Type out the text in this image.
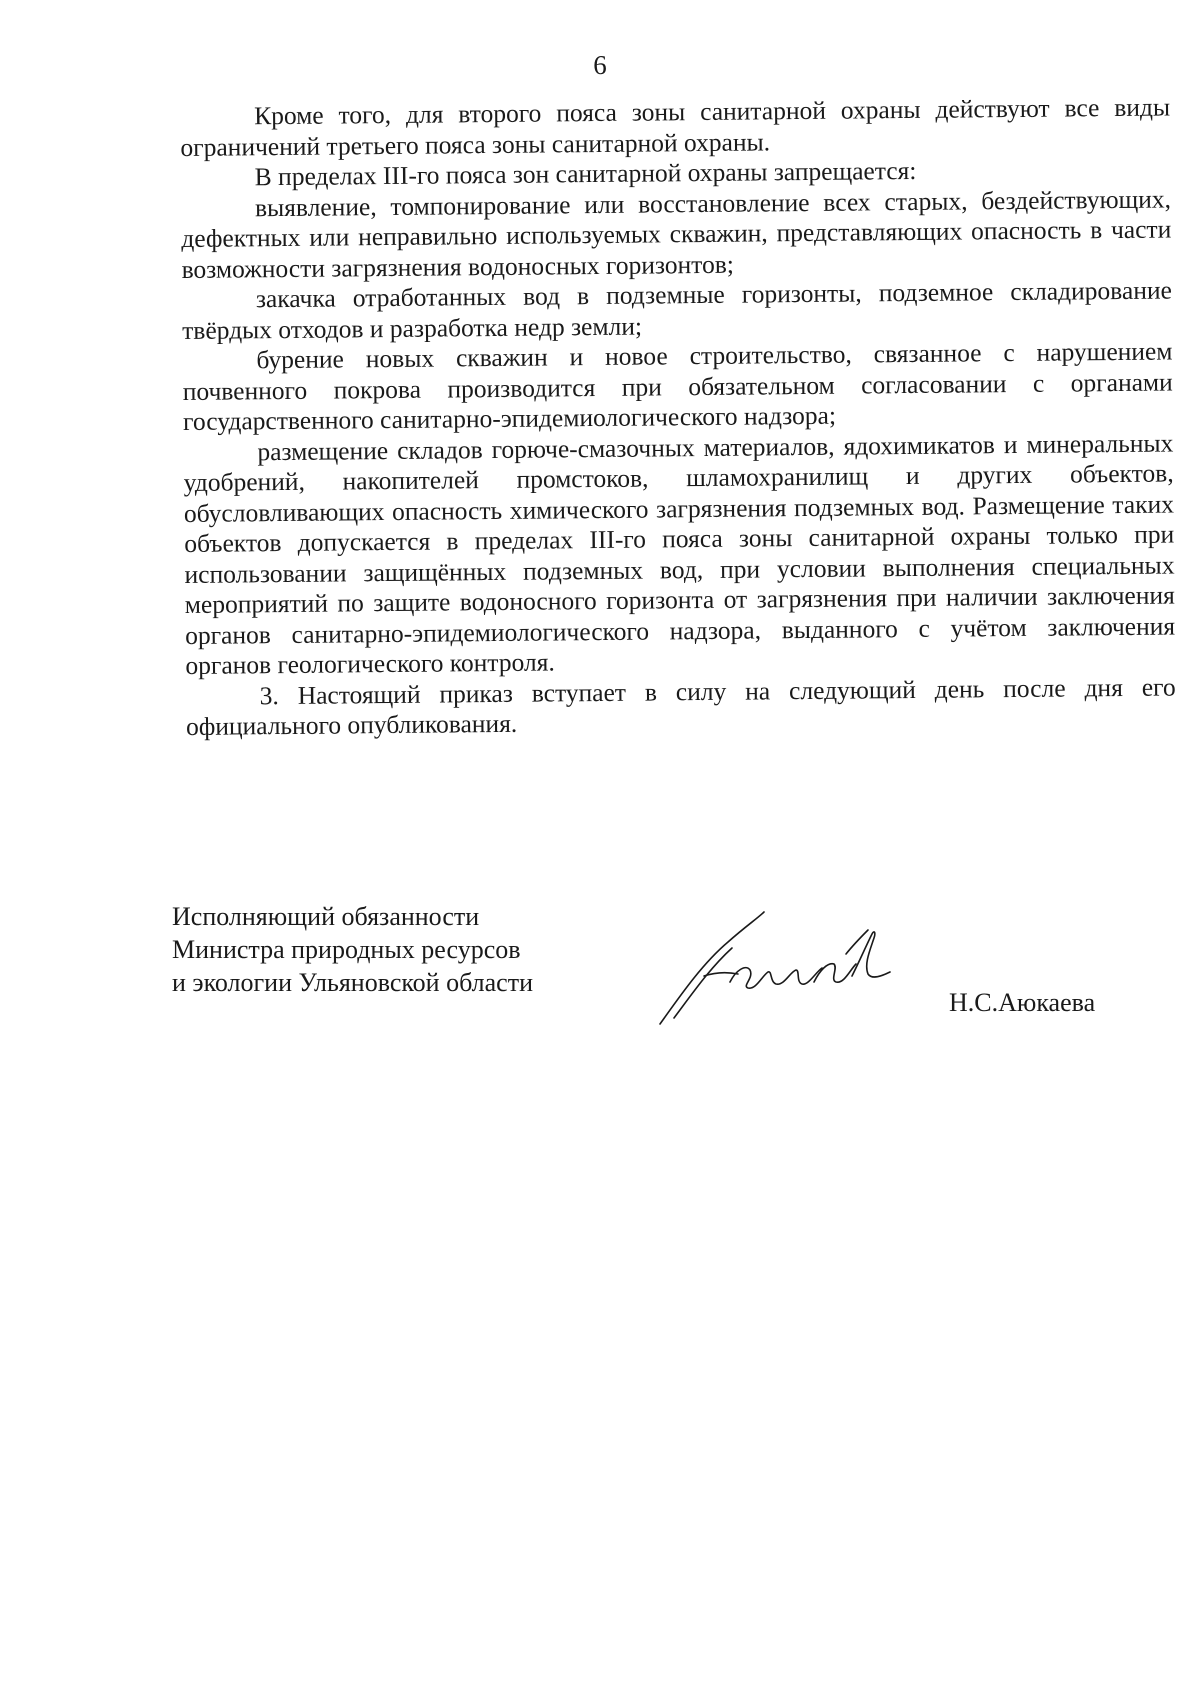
6

Кроме того, для второго пояса зоны санитарной охраны действуют все виды ограничений третьего пояса зоны санитарной охраны.

В пределах III-го пояса зон санитарной охраны запрещается:

выявление, томпонирование или восстановление всех старых, бездействующих, дефектных или неправильно используемых скважин, представляющих опасность в части возможности загрязнения водоносных горизонтов;

закачка отработанных вод в подземные горизонты, подземное складирование твёрдых отходов и разработка недр земли;

бурение новых скважин и новое строительство, связанное с нарушением почвенного покрова производится при обязательном согласовании с органами государственного санитарно-эпидемиологического надзора;

размещение складов горюче-смазочных материалов, ядохимикатов и минеральных удобрений, накопителей промстоков, шламохранилищ и других объектов, обусловливающих опасность химического загрязнения подземных вод. Размещение таких объектов допускается в пределах III-го пояса зоны санитарной охраны только при использовании защищённых подземных вод, при условии выполнения специальных мероприятий по защите водоносного горизонта от загрязнения при наличии заключения органов санитарно-эпидемиологического надзора, выданного с учётом заключения органов геологического контроля.

3. Настоящий приказ вступает в силу на следующий день после дня его официального опубликования.

Исполняющий обязанности
Министра природных ресурсов
и экологии Ульяновской области
Н.С.Аюкаева
